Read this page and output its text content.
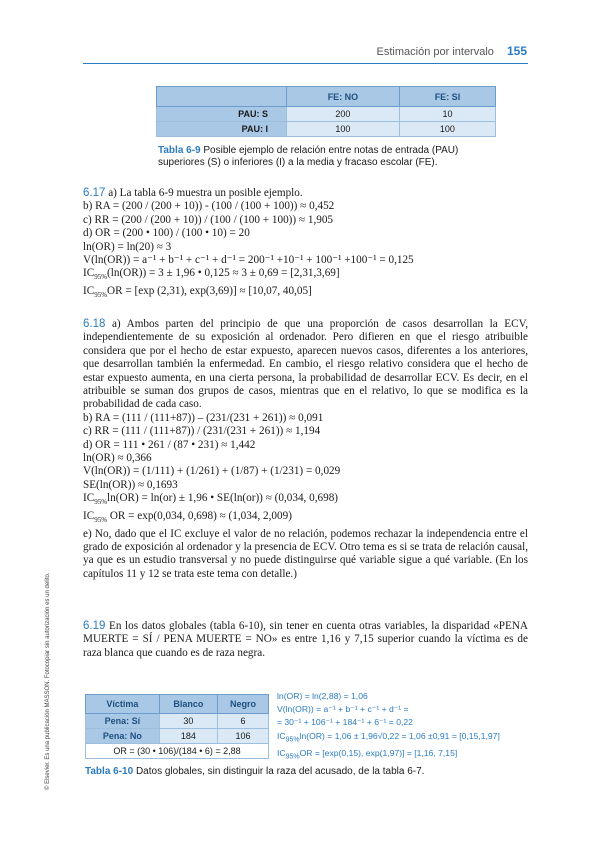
Estimación por intervalo 155
© Elsevier. Es una publicación MASSON. Fotocopiar sin autorización es un delito.
	FE: NO	FE: SI
PAU: S	200	10
PAU: I	100	100
Tabla 6-9 Posible ejemplo de relación entre notas de entrada (PAU) superiores (S) o inferiores (I) a la media y fracaso escolar (FE).

6.17 a) La tabla 6-9 muestra un posible ejemplo.

b) RA = (200 / (200 + 10)) - (100 / (100 + 100)) ≈ 0,452

c) RR = (200 / (200 + 10)) / (100 / (100 + 100)) ≈ 1,905

d) OR = (200 • 100) / (100 • 10) = 20

ln(OR) = ln(20) ≈ 3

V(ln(OR)) = a⁻¹ + b⁻¹ + c⁻¹ + d⁻¹ = 200⁻¹ +10⁻¹ + 100⁻¹ +100⁻¹ = 0,125

$IC_{95\%}(\ln(OR)) = 3 \pm 1,96$ • 0,125 ≈ 3 ± 0,69 = [2,31,3,69]

$IC_{95\%}OR = [\exp$ (2,31), exp(3,69)] ≈ [10,07, 40,05]

6.18 a) Ambos parten del principio de que una proporción de casos desarrollan la ECV, independientemente de su exposición al ordenador. Pero difieren en que el riesgo atribuible considera que por el hecho de estar expuesto, aparecen nuevos casos, diferentes a los anteriores, que desarrollan también la enfermedad. En cambio, el riesgo relativo considera que el hecho de estar expuesto aumenta, en una cierta persona, la probabilidad de desarrollar ECV. Es decir, en el atribuible se suman dos grupos de casos, mientras que en el relativo, lo que se modifica es la probabilidad de cada caso.

b) RA = (111 / (111+87)) – (231/(231 + 261)) ≈ 0,091

c) RR = (111 / (111+87)) / (231/(231 + 261)) ≈ 1,194

d) OR = 111 • 261 / (87 • 231) ≈ 1,442

ln(OR) ≈ 0,366

V(ln(OR)) = (1/111) + (1/261) + (1/87) + (1/231) = 0,029

SE(ln(OR)) ≈ 0,1693

$IC_{95\%}\ln(OR) = \ln(or) \pm 1,96$ • SE(ln(or)) ≈ (0,034, 0,698)

$IC_{95\%}$ OR = exp(0,034, 0,698) ≈ (1,034, 2,009)

e) No, dado que el IC excluye el valor de no relación, podemos rechazar la independencia entre el grado de exposición al ordenador y la presencia de ECV. Otro tema es si se trata de relación causal, ya que es un estudio transversal y no puede distinguirse qué variable sigue a qué variable. (En los capítulos 11 y 12 se trata este tema con detalle.)

6.19 En los datos globales (tabla 6-10), sin tener en cuenta otras variables, la disparidad «PENA MUERTE = SÍ / PENA MUERTE = NO» es entre 1,16 y 7,15 superior cuando la víctima es de raza blanca que cuando es de raza negra.

Víctima	Blanco	Negro
Pena: Sí	30	6
Pena: No	184	106
OR = (30 • 106)/(184 • 6) = 2,88		
ln(OR) = ln(2,88) = 1,06
V(ln(OR)) = a⁻¹ + b⁻¹ + c⁻¹ + d⁻¹ =
= 30⁻¹ + 106⁻¹ + 184⁻¹ + 6⁻¹ = 0,22
$IC_{95\%}\ln(OR) = 1,06 \pm 1,96√0,22 = 1,06 \pm 0,91 = [0,15,1,97]$
$IC_{95\%}OR = [\exp(0,15)$, exp(1,97)] = [1,16, 7,15]
Tabla 6-10 Datos globales, sin distinguir la raza del acusado, de la tabla 6-7.
